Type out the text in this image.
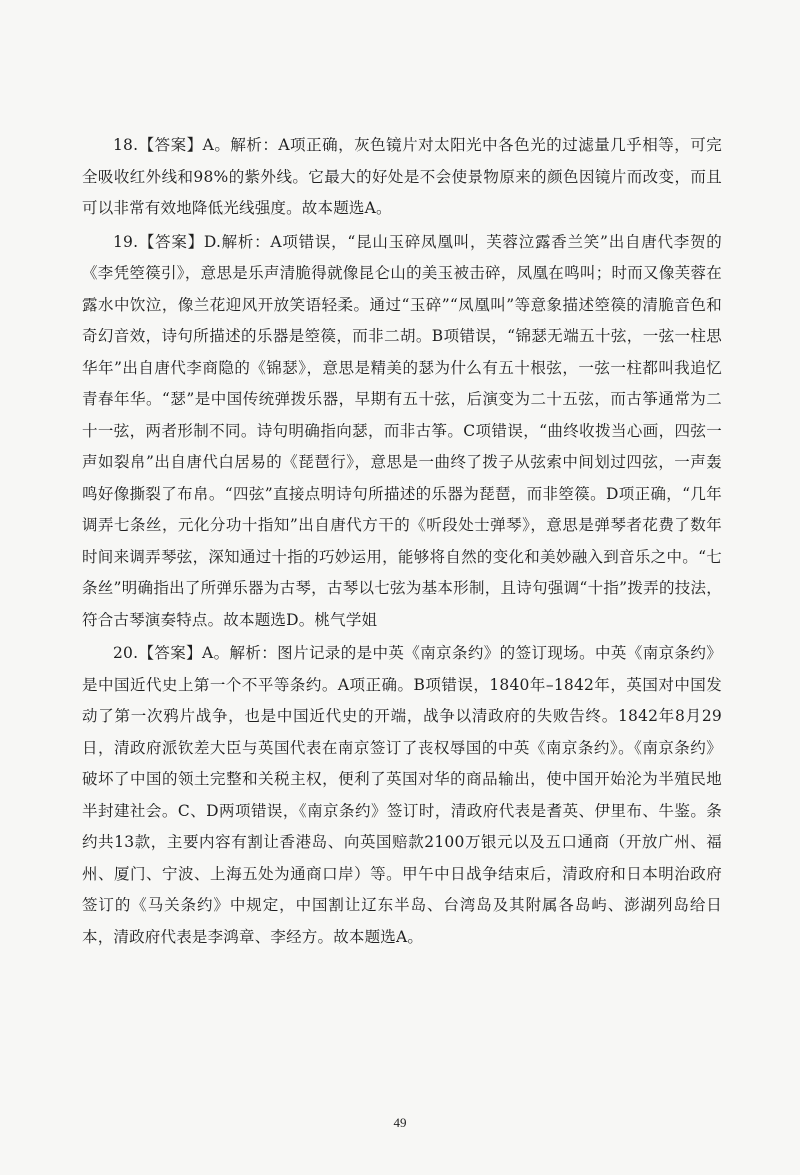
18.【答案】A。解析：A项正确，灰色镜片对太阳光中各色光的过滤量几乎相等，可完全吸收红外线和98%的紫外线。它最大的好处是不会使景物原来的颜色因镜片而改变，而且可以非常有效地降低光线强度。故本题选A。

19.【答案】D.解析：A项错误，“昆山玉碎凤凰叫，芙蓉泣露香兰笑”出自唐代李贺的《李凭箜篌引》，意思是乐声清脆得就像昆仑山的美玉被击碎，凤凰在鸣叫；时而又像芙蓉在露水中饮泣，像兰花迎风开放笑语轻柔。通过“玉碎”“凤凰叫”等意象描述箜篌的清脆音色和奇幻音效，诗句所描述的乐器是箜篌，而非二胡。B项错误，“锦瑟无端五十弦，一弦一柱思华年”出自唐代李商隐的《锦瑟》，意思是精美的瑟为什么有五十根弦，一弦一柱都叫我追忆青春年华。“瑟”是中国传统弹拨乐器，早期有五十弦，后演变为二十五弦，而古筝通常为二十一弦，两者形制不同。诗句明确指向瑟，而非古筝。C项错误，“曲终收拨当心画，四弦一声如裂帛”出自唐代白居易的《琵琶行》，意思是一曲终了拨子从弦索中间划过四弦，一声轰鸣好像撕裂了布帛。“四弦”直接点明诗句所描述的乐器为琵琶，而非箜篌。D项正确，“几年调弄七条丝，元化分功十指知”出自唐代方干的《听段处士弹琴》，意思是弹琴者花费了数年时间来调弄琴弦，深知通过十指的巧妙运用，能够将自然的变化和美妙融入到音乐之中。“七条丝”明确指出了所弹乐器为古琴，古琴以七弦为基本形制，且诗句强调“十指”拨弄的技法，符合古琴演奏特点。故本题选D。桃气学姐

20.【答案】A。解析：图片记录的是中英《南京条约》的签订现场。中英《南京条约》是中国近代史上第一个不平等条约。A项正确。B项错误，1840年–1842年，英国对中国发动了第一次鸦片战争，也是中国近代史的开端，战争以清政府的失败告终。1842年8月29日，清政府派钦差大臣与英国代表在南京签订了丧权辱国的中英《南京条约》。《南京条约》破坏了中国的领土完整和关税主权，便利了英国对华的商品输出，使中国开始沦为半殖民地半封建社会。C、D两项错误，《南京条约》签订时，清政府代表是耆英、伊里布、牛鉴。条约共13款，主要内容有割让香港岛、向英国赔款2100万银元以及五口通商（开放广州、福州、厦门、宁波、上海五处为通商口岸）等。甲午中日战争结束后，清政府和日本明治政府签订的《马关条约》中规定，中国割让辽东半岛、台湾岛及其附属各岛屿、澎湖列岛给日本，清政府代表是李鸿章、李经方。故本题选A。

49
